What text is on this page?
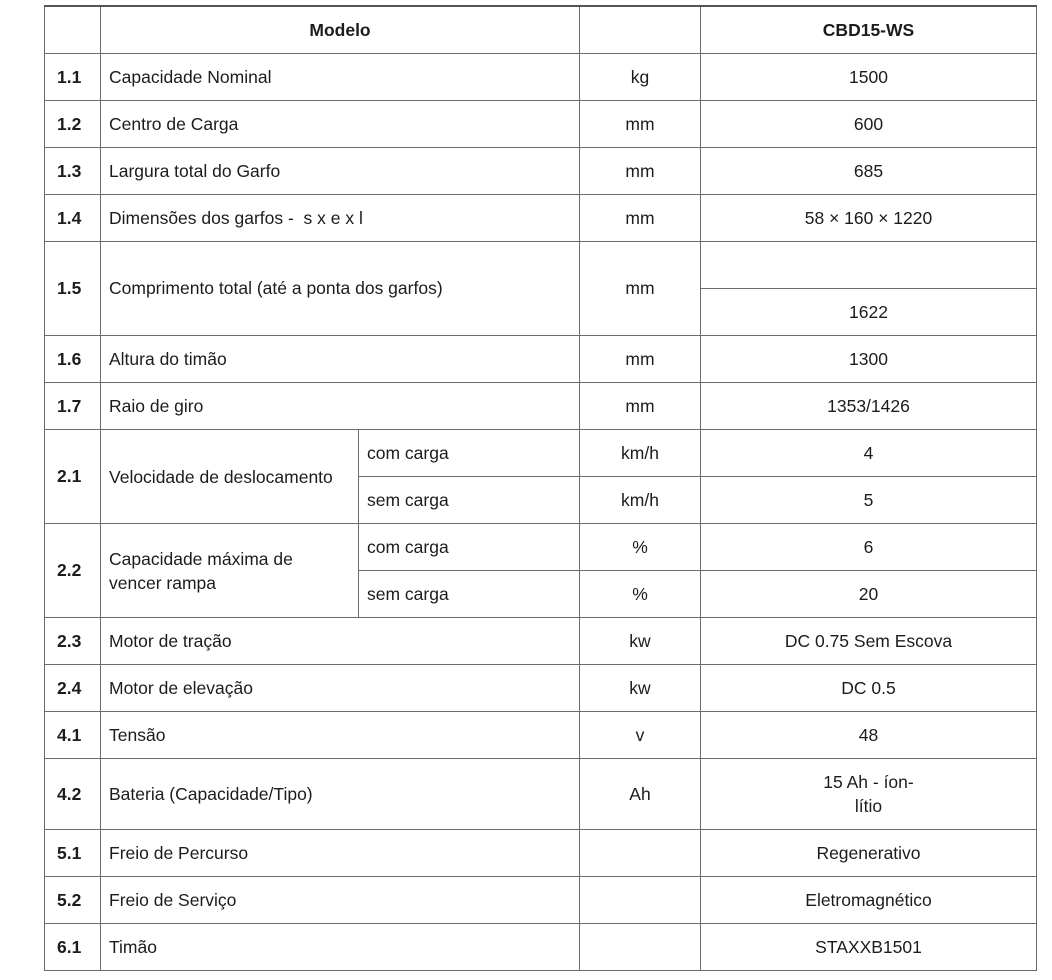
	Modelo			CBD15-WS
1.1	Capacidade Nominal		kg	1500
1.2	Centro de Carga		mm	600
1.3	Largura total do Garfo		mm	685
1.4	Dimensões dos garfos -  s x e x l		mm	58 × 160 × 1220
1.5	Comprimento total (até a ponta dos garfos)		mm	
				1622
1.6	Altura do timão		mm	1300
1.7	Raio de giro		mm	1353/1426
2.1	Velocidade de deslocamento	com carga	km/h	4
		sem carga	km/h	5
2.2	Capacidade máxima de vencer rampa	com carga	%	6
		sem carga	%	20
2.3	Motor de tração		kw	DC 0.75 Sem Escova
2.4	Motor de elevação		kw	DC 0.5
4.1	Tensão		v	48
4.2	Bateria (Capacidade/Tipo)		Ah	15 Ah - íon-lítio
5.1	Freio de Percurso			Regenerativo
5.2	Freio de Serviço			Eletromagnético
6.1	Timão			STAXXB1501
